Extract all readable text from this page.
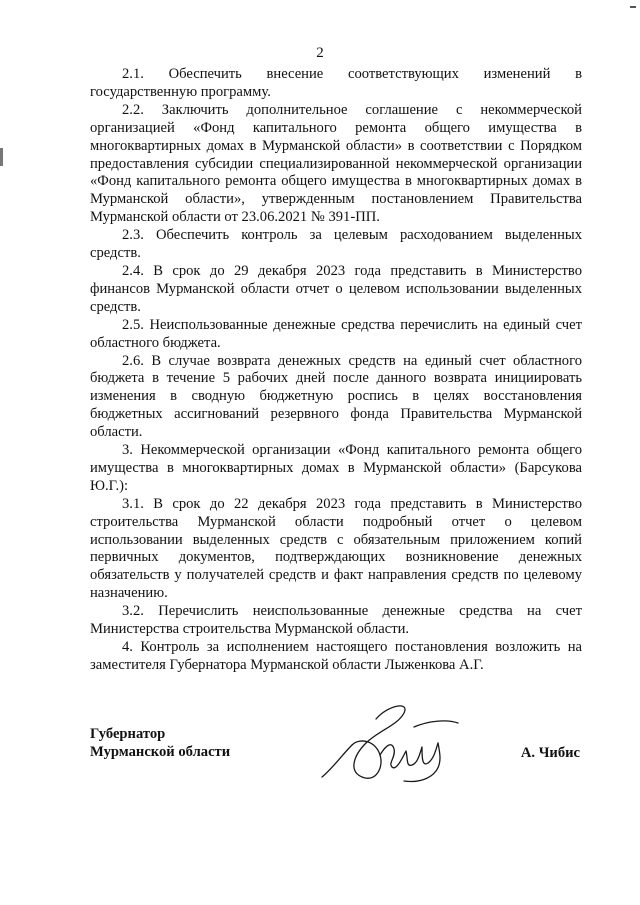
2

2.1. Обеспечить внесение соответствующих изменений в государственную программу.

2.2. Заключить дополнительное соглашение с некоммерческой организацией «Фонд капитального ремонта общего имущества в многоквартирных домах в Мурманской области» в соответствии с Порядком предоставления субсидии специализированной некоммерческой организации «Фонд капитального ремонта общего имущества в многоквартирных домах в Мурманской области», утвержденным постановлением Правительства Мурманской области от 23.06.2021 № 391-ПП.

2.3. Обеспечить контроль за целевым расходованием выделенных средств.

2.4. В срок до 29 декабря 2023 года представить в Министерство финансов Мурманской области отчет о целевом использовании выделенных средств.

2.5. Неиспользованные денежные средства перечислить на единый счет областного бюджета.

2.6. В случае возврата денежных средств на единый счет областного бюджета в течение 5 рабочих дней после данного возврата инициировать изменения в сводную бюджетную роспись в целях восстановления бюджетных ассигнований резервного фонда Правительства Мурманской области.

3. Некоммерческой организации «Фонд капитального ремонта общего имущества в многоквартирных домах в Мурманской области» (Барсукова Ю.Г.):

3.1. В срок до 22 декабря 2023 года представить в Министерство строительства Мурманской области подробный отчет о целевом использовании выделенных средств с обязательным приложением копий первичных документов, подтверждающих возникновение денежных обязательств у получателей средств и факт направления средств по целевому назначению.

3.2. Перечислить неиспользованные денежные средства на счет Министерства строительства Мурманской области.

4. Контроль за исполнением настоящего постановления возложить на заместителя Губернатора Мурманской области Лыженкова А.Г.

Губернатор
Мурманской области	А. Чибис
